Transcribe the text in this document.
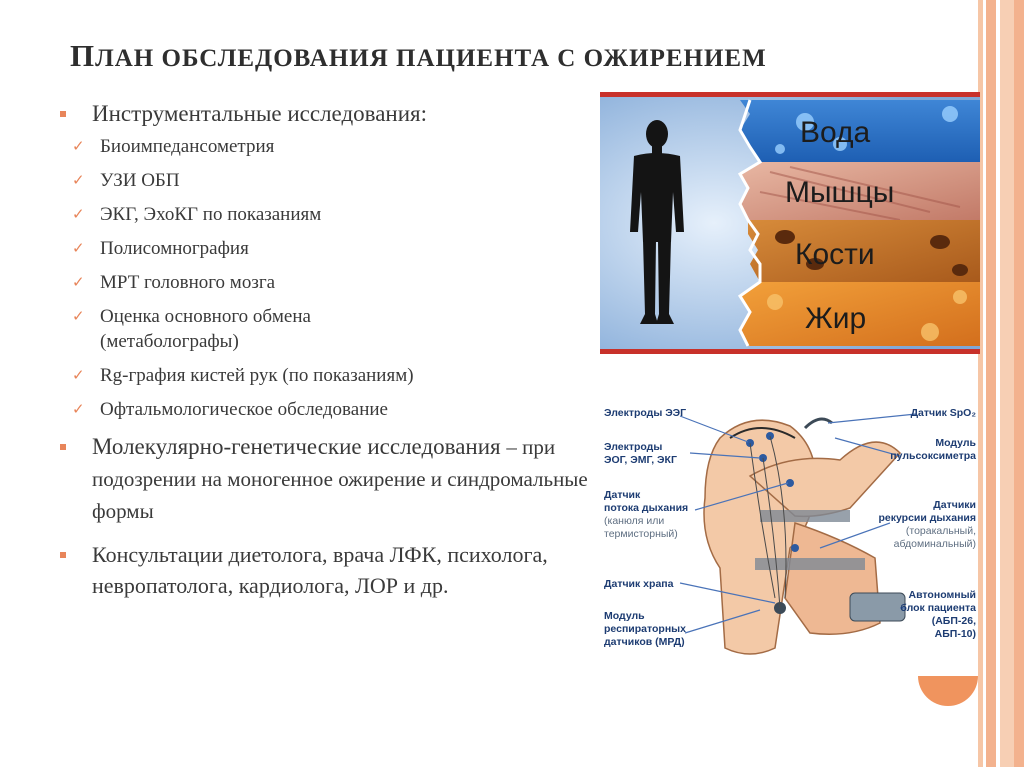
ПЛАН ОБСЛЕДОВАНИЯ ПАЦИЕНТА С ОЖИРЕНИЕМ
Инструментальные исследования:
✓ Биоимпедансометрия
✓ УЗИ ОБП
✓ ЭКГ, ЭхоКГ по показаниям
✓ Полисомнография
✓ МРТ головного мозга
✓ Оценка основного обмена (метабологрaфы)
✓ Rg-графия кистей рук (по показаниям)
✓ Офтальмологическое обследование
Молекулярно-генетические исследования – при подозрении на моногенное ожирение и синдромальные формы
Консультации диетолога, врача ЛФК, психолога, невропатолога, кардиолога, ЛОР и др.
Вода
Мышцы
Кости
Жир
Электроды ЭЭГ
Электроды
ЭОГ, ЭМГ, ЭКГ
Датчик
потока дыхания
(канюля или
термисторный)
Датчик храпа
Модуль
респираторных
датчиков (МРД)
Датчик SpO₂
Модуль
пульсоксиметра
Датчики
рекурсии дыхания
(торакальный,
абдоминальный)
Автономный
блок пациента
(АБП-26,
АБП-10)
